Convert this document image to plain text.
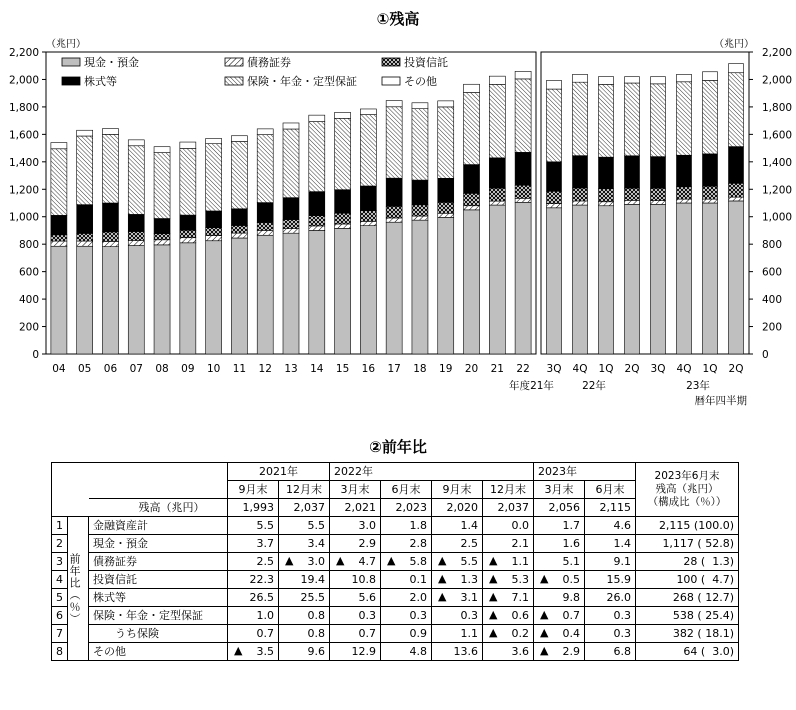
①残高
（兆円）	（兆円）
現金・預金	債務証券	投資信託
株式等	保険・年金・定型保証	その他
0	0
200	200
400	400
600	600
800	800
1,000	1,000
1,200	1,200
1,400	1,400
1,600	1,600
1,800	1,800
2,000	2,000
2,200	2,200
04 05 06 07 08 09 10 11 12 13 14 15 16 17 18 19 20 21 22
年度
3Q
21年
4Q 1Q
22年
2Q 3Q 4Q 1Q
23年
2Q
暦年四半期
②前年比
			2021年		2022年				2023年		2023年6月末
残高（兆円）
（構成比（％））

			9月末	12月末	3月末	6月末	9月末	12月末	3月末	6月末	
		残高（兆円）	1,993	2,037	2,021	2,023	2,020	2,037	2,056	2,115	
1	前年比（％）	金融資産計	5.5	5.5	3.0	1.8	1.4	0.0	1.7	4.6	2,115 (100.0)
2		現金・預金	3.7	3.4	2.9	2.8	2.5	2.1	1.6	1.4	1,117 ( 52.8)
3		債務証券	2.5	▲ 3.0	▲ 4.7	▲ 5.8	▲ 5.5	▲ 1.1	5.1	9.1	28 (  1.3)
4		投資信託	22.3	19.4	10.8	0.1	▲ 1.3	▲ 5.3	▲ 0.5	15.9	100 (  4.7)
5		株式等	26.5	25.5	5.6	2.0	▲ 3.1	▲ 7.1	9.8	26.0	268 ( 12.7)
6		保険・年金・定型保証	1.0	0.8	0.3	0.3	0.3	▲ 0.6	▲ 0.7	0.3	538 ( 25.4)
7		うち保険	0.7	0.8	0.7	0.9	1.1	▲ 0.2	▲ 0.4	0.3	382 ( 18.1)
8		その他	▲ 3.5	9.6	12.9	4.8	13.6	3.6	▲ 2.9	6.8	64 (  3.0)
